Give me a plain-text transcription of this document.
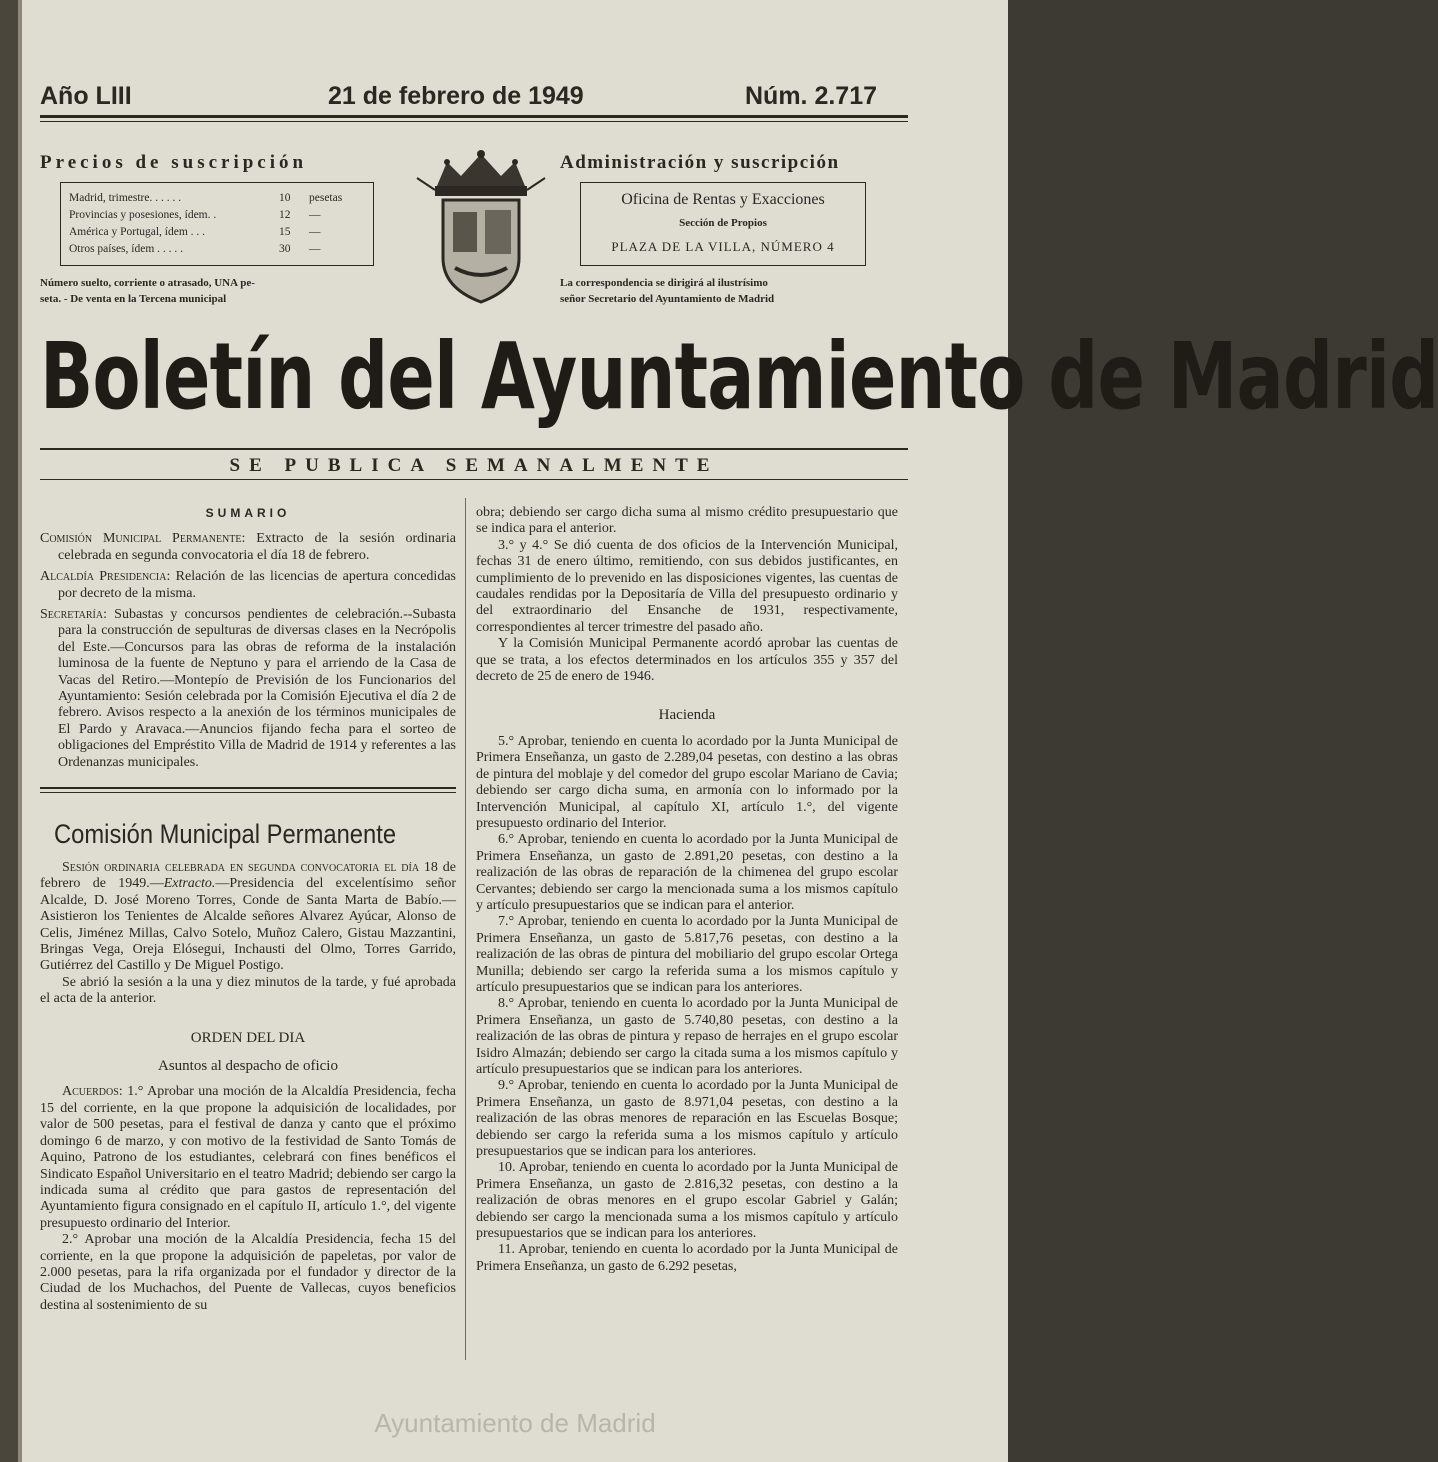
Año LIII	21 de febrero de 1949	Núm. 2.717
Precios de suscripción
Madrid, trimestre. . . . . .	10 pesetas
Provincias y posesiones, ídem. .	12 —
América y Portugal, ídem . . .	15 —
Otros países, ídem . . . . .	30 —
Número suelto, corriente o atrasado, UNA pe-
seta. - De venta en la Tercena municipal
Administración y suscripción
Oficina de Rentas y Exacciones
Sección de Propios
PLAZA DE LA VILLA, NÚMERO 4
La correspondencia se dirigirá al ilustrísimo
señor Secretario del Ayuntamiento de Madrid
Boletín del Ayuntamiento de Madrid
SE PUBLICA SEMANALMENTE
SUMARIO

Comisión Municipal Permanente: Extracto de la sesión ordinaria celebrada en segunda convocatoria el día 18 de febrero.

Alcaldía Presidencia: Relación de las licencias de apertura concedidas por decreto de la misma.

Secretaría: Subastas y concursos pendientes de celebración.--Subasta para la construcción de sepulturas de diversas clases en la Necrópolis del Este.—Concursos para las obras de reforma de la instalación luminosa de la fuente de Neptuno y para el arriendo de la Casa de Vacas del Retiro.—Montepío de Previsión de los Funcionarios del Ayuntamiento: Sesión celebrada por la Comisión Ejecutiva el día 2 de febrero. Avisos respecto a la anexión de los términos municipales de El Pardo y Aravaca.—Anuncios fijando fecha para el sorteo de obligaciones del Empréstito Villa de Madrid de 1914 y referentes a las Ordenanzas municipales.

Comisión Municipal Permanente

Sesión ordinaria celebrada en segunda convocatoria el día 18 de febrero de 1949.—Extracto.—Presidencia del excelentísimo señor Alcalde, D. José Moreno Torres, Conde de Santa Marta de Babío.—Asistieron los Tenientes de Alcalde señores Alvarez Ayúcar, Alonso de Celis, Jiménez Millas, Calvo Sotelo, Muñoz Calero, Gistau Mazzantini, Bringas Vega, Oreja Elósegui, Inchausti del Olmo, Torres Garrido, Gutiérrez del Castillo y De Miguel Postigo.

Se abrió la sesión a la una y diez minutos de la tarde, y fué aprobada el acta de la anterior.

ORDEN DEL DIA
Asuntos al despacho de oficio

Acuerdos: 1.° Aprobar una moción de la Alcaldía Presidencia, fecha 15 del corriente, en la que propone la adquisición de localidades, por valor de 500 pesetas, para el festival de danza y canto que el próximo domingo 6 de marzo, y con motivo de la festividad de Santo Tomás de Aquino, Patrono de los estudiantes, celebrará con fines benéficos el Sindicato Español Universitario en el teatro Madrid; debiendo ser cargo la indicada suma al crédito que para gastos de representación del Ayuntamiento figura consignado en el capítulo II, artículo 1.°, del vigente presupuesto ordinario del Interior.

2.° Aprobar una moción de la Alcaldía Presidencia, fecha 15 del corriente, en la que propone la adquisición de papeletas, por valor de 2.000 pesetas, para la rifa organizada por el fundador y director de la Ciudad de los Muchachos, del Puente de Vallecas, cuyos beneficios destina al sostenimiento de su

obra; debiendo ser cargo dicha suma al mismo crédito presupuestario que se indica para el anterior.

3.° y 4.° Se dió cuenta de dos oficios de la Intervención Municipal, fechas 31 de enero último, remitiendo, con sus debidos justificantes, en cumplimiento de lo prevenido en las disposiciones vigentes, las cuentas de caudales rendidas por la Depositaría de Villa del presupuesto ordinario y del extraordinario del Ensanche de 1931, respectivamente, correspondientes al tercer trimestre del pasado año.

Y la Comisión Municipal Permanente acordó aprobar las cuentas de que se trata, a los efectos determinados en los artículos 355 y 357 del decreto de 25 de enero de 1946.

Hacienda

5.° Aprobar, teniendo en cuenta lo acordado por la Junta Municipal de Primera Enseñanza, un gasto de 2.289,04 pesetas, con destino a las obras de pintura del moblaje y del comedor del grupo escolar Mariano de Cavia; debiendo ser cargo dicha suma, en armonía con lo informado por la Intervención Municipal, al capítulo XI, artículo 1.°, del vigente presupuesto ordinario del Interior.

6.° Aprobar, teniendo en cuenta lo acordado por la Junta Municipal de Primera Enseñanza, un gasto de 2.891,20 pesetas, con destino a la realización de las obras de reparación de la chimenea del grupo escolar Cervantes; debiendo ser cargo la mencionada suma a los mismos capítulo y artículo presupuestarios que se indican para el anterior.

7.° Aprobar, teniendo en cuenta lo acordado por la Junta Municipal de Primera Enseñanza, un gasto de 5.817,76 pesetas, con destino a la realización de las obras de pintura del mobiliario del grupo escolar Ortega Munilla; debiendo ser cargo la referida suma a los mismos capítulo y artículo presupuestarios que se indican para los anteriores.

8.° Aprobar, teniendo en cuenta lo acordado por la Junta Municipal de Primera Enseñanza, un gasto de 5.740,80 pesetas, con destino a la realización de las obras de pintura y repaso de herrajes en el grupo escolar Isidro Almazán; debiendo ser cargo la citada suma a los mismos capítulo y artículo presupuestarios que se indican para los anteriores.

9.° Aprobar, teniendo en cuenta lo acordado por la Junta Municipal de Primera Enseñanza, un gasto de 8.971,04 pesetas, con destino a la realización de las obras menores de reparación en las Escuelas Bosque; debiendo ser cargo la referida suma a los mismos capítulo y artículo presupuestarios que se indican para los anteriores.

10. Aprobar, teniendo en cuenta lo acordado por la Junta Municipal de Primera Enseñanza, un gasto de 2.816,32 pesetas, con destino a la realización de obras menores en el grupo escolar Gabriel y Galán; debiendo ser cargo la mencionada suma a los mismos capítulo y artículo presupuestarios que se indican para los anteriores.

11. Aprobar, teniendo en cuenta lo acordado por la Junta Municipal de Primera Enseñanza, un gasto de 6.292 pesetas,

Ayuntamiento de Madrid
